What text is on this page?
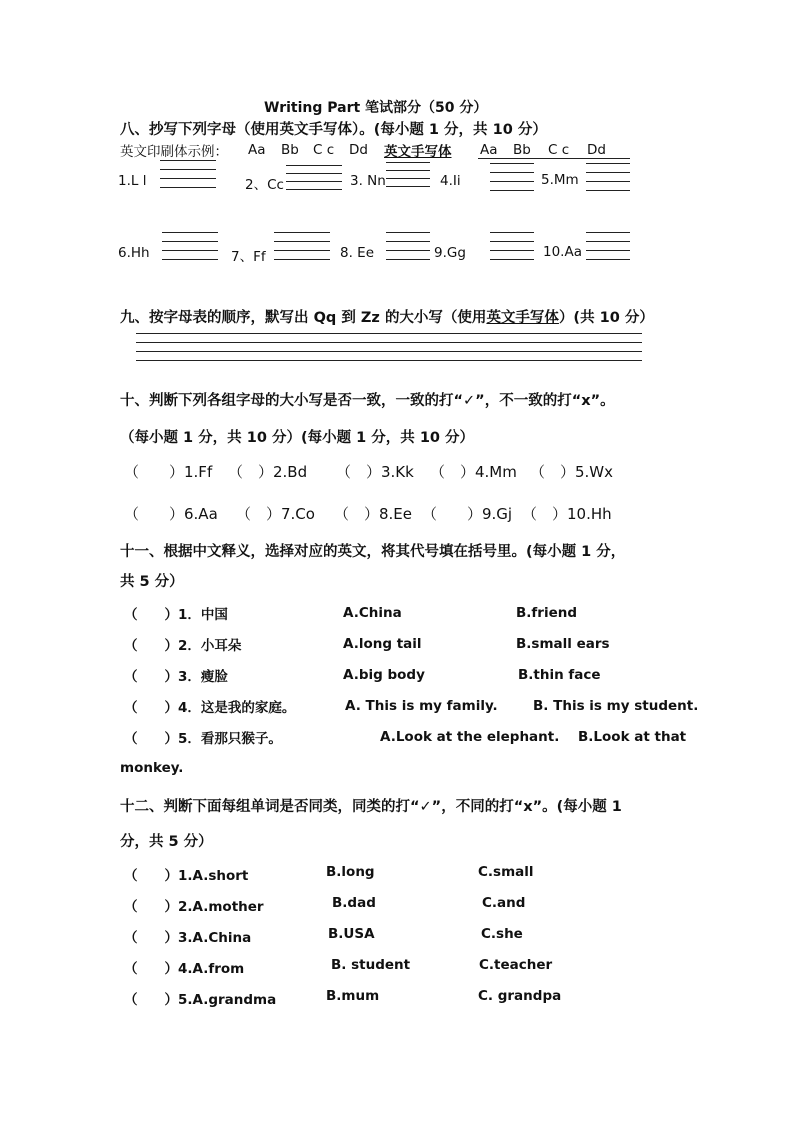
Writing Part 笔试部分（50 分）
八、抄写下列字母（使用英文手写体）。(每小题 1 分，共 10 分）
英文印刷体示例： Aa Bb C c Dd 英文手写体 Aa Bb C c Dd
1.L l	2、Cc	3. Nn	4.Ii	5.Mm
6.Hh	7、Ff	8. Ee	9.Gg	10.Aa
九、按字母表的顺序，默写出 Qq 到 Zz 的大小写（使用英文手写体）(共 10 分）
十、判断下列各组字母的大小写是否一致，一致的打“✓”，不一致的打“x”。
（每小题 1 分，共 10 分）(每小题 1 分，共 10 分）
（　　）1.Ff （　）2.Bd （　）3.Kk （　）4.Mm （　）5.Wx
（　　）6.Aa （　）7.Co （　）8.Ee （　　）9.Gj （　）10.Hh
十一、根据中文释义，选择对应的英文，将其代号填在括号里。(每小题 1 分，
共 5 分）
（　　）1．中国	A.China	B.friend
（　　）2．小耳朵	A.long tail	B.small ears
（　　）3．瘦脸	A.big body	B.thin face
（　　）4．这是我的家庭。	A. This is my family.	B. This is my student.
（　　）5．看那只猴子。	A.Look at the elephant. B.Look at that
monkey.
十二、判断下面每组单词是否同类，同类的打“✓”，不同的打“x”。(每小题 1
分，共 5 分）
（　　）1.A.short	B.long	C.small
（　　）2.A.mother	B.dad	C.and
（　　）3.A.China	B.USA	C.she
（　　）4.A.from	B. student	C.teacher
（　　）5.A.grandma	B.mum	C. grandpa
